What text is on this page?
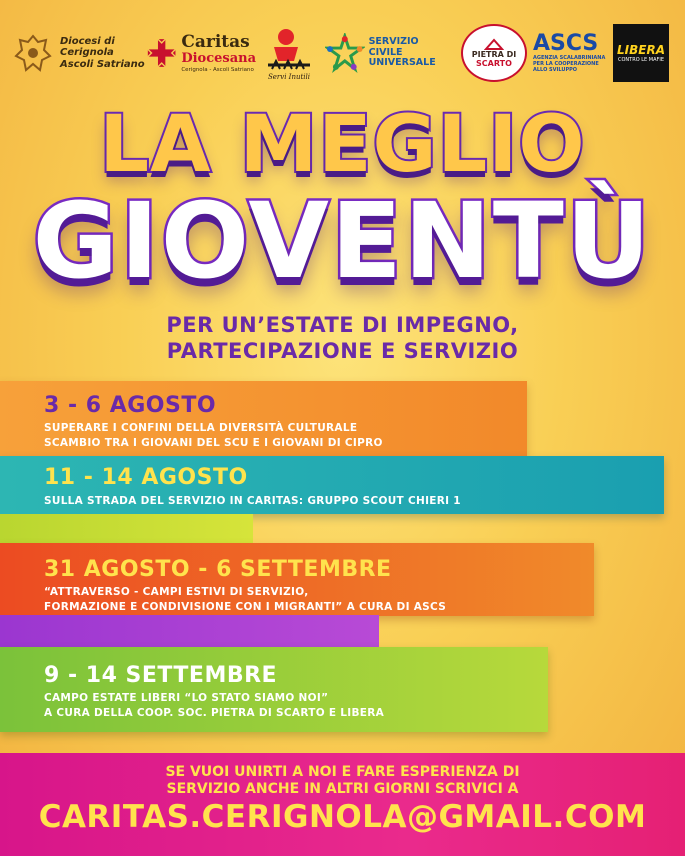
Diocesi di
Cerignola
Ascoli Satriano
Caritas
Diocesana
Cerignola - Ascoli Satriano
Servi Inutili
SERVIZIO CIVILE
UNIVERSALE
PIETRA DI
SCARTO
ASCS
AGENZIA SCALABRINIANA
PER LA COOPERAZIONE
ALLO SVILUPPO
LIBERA
CONTRO LE MAFIE
LA MEGLIO
GIOVENTÙ
PER UN’ESTATE DI IMPEGNO,
PARTECIPAZIONE E SERVIZIO
3 - 6 AGOSTO
SUPERARE I CONFINI DELLA DIVERSITÀ CULTURALE
SCAMBIO TRA I GIOVANI DEL SCU E I GIOVANI DI CIPRO
11 - 14 AGOSTO
SULLA STRADA DEL SERVIZIO IN CARITAS: GRUPPO SCOUT CHIERI 1
31 AGOSTO - 6 SETTEMBRE
“ATTRAVERSO - CAMPI ESTIVI DI SERVIZIO,
FORMAZIONE E CONDIVISIONE CON I MIGRANTI” A CURA DI ASCS
9 - 14 SETTEMBRE
CAMPO ESTATE LIBERI “LO STATO SIAMO NOI”
A CURA DELLA COOP. SOC. PIETRA DI SCARTO E LIBERA
SE VUOI UNIRTI A NOI E FARE ESPERIENZA DI
SERVIZIO ANCHE IN ALTRI GIORNI SCRIVICI A
CARITAS.CERIGNOLA@GMAIL.COM
